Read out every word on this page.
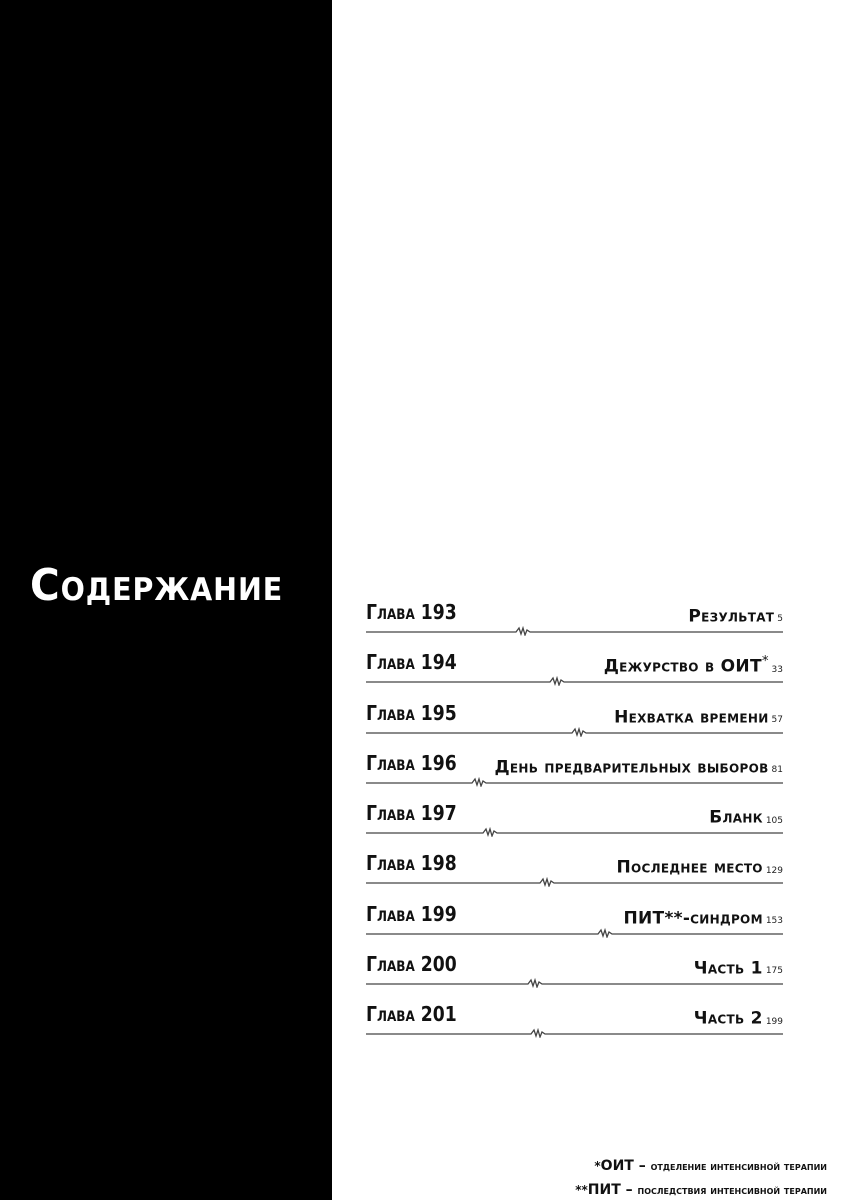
Содержание
Глава 193	Результат 5
Глава 194	Дежурство в ОИТ*33
Глава 195	Нехватка времени 57
Глава 196 День предварительных выборов 81
Глава 197	Бланк 105
Глава 198	Последнее место 129
Глава 199	ПИТ**-синдром 153
Глава 200	Часть 1 175
Глава 201	Часть 2 199
*ОИТ – отделение интенсивной терапии
**ПИТ – последствия интенсивной терапии
